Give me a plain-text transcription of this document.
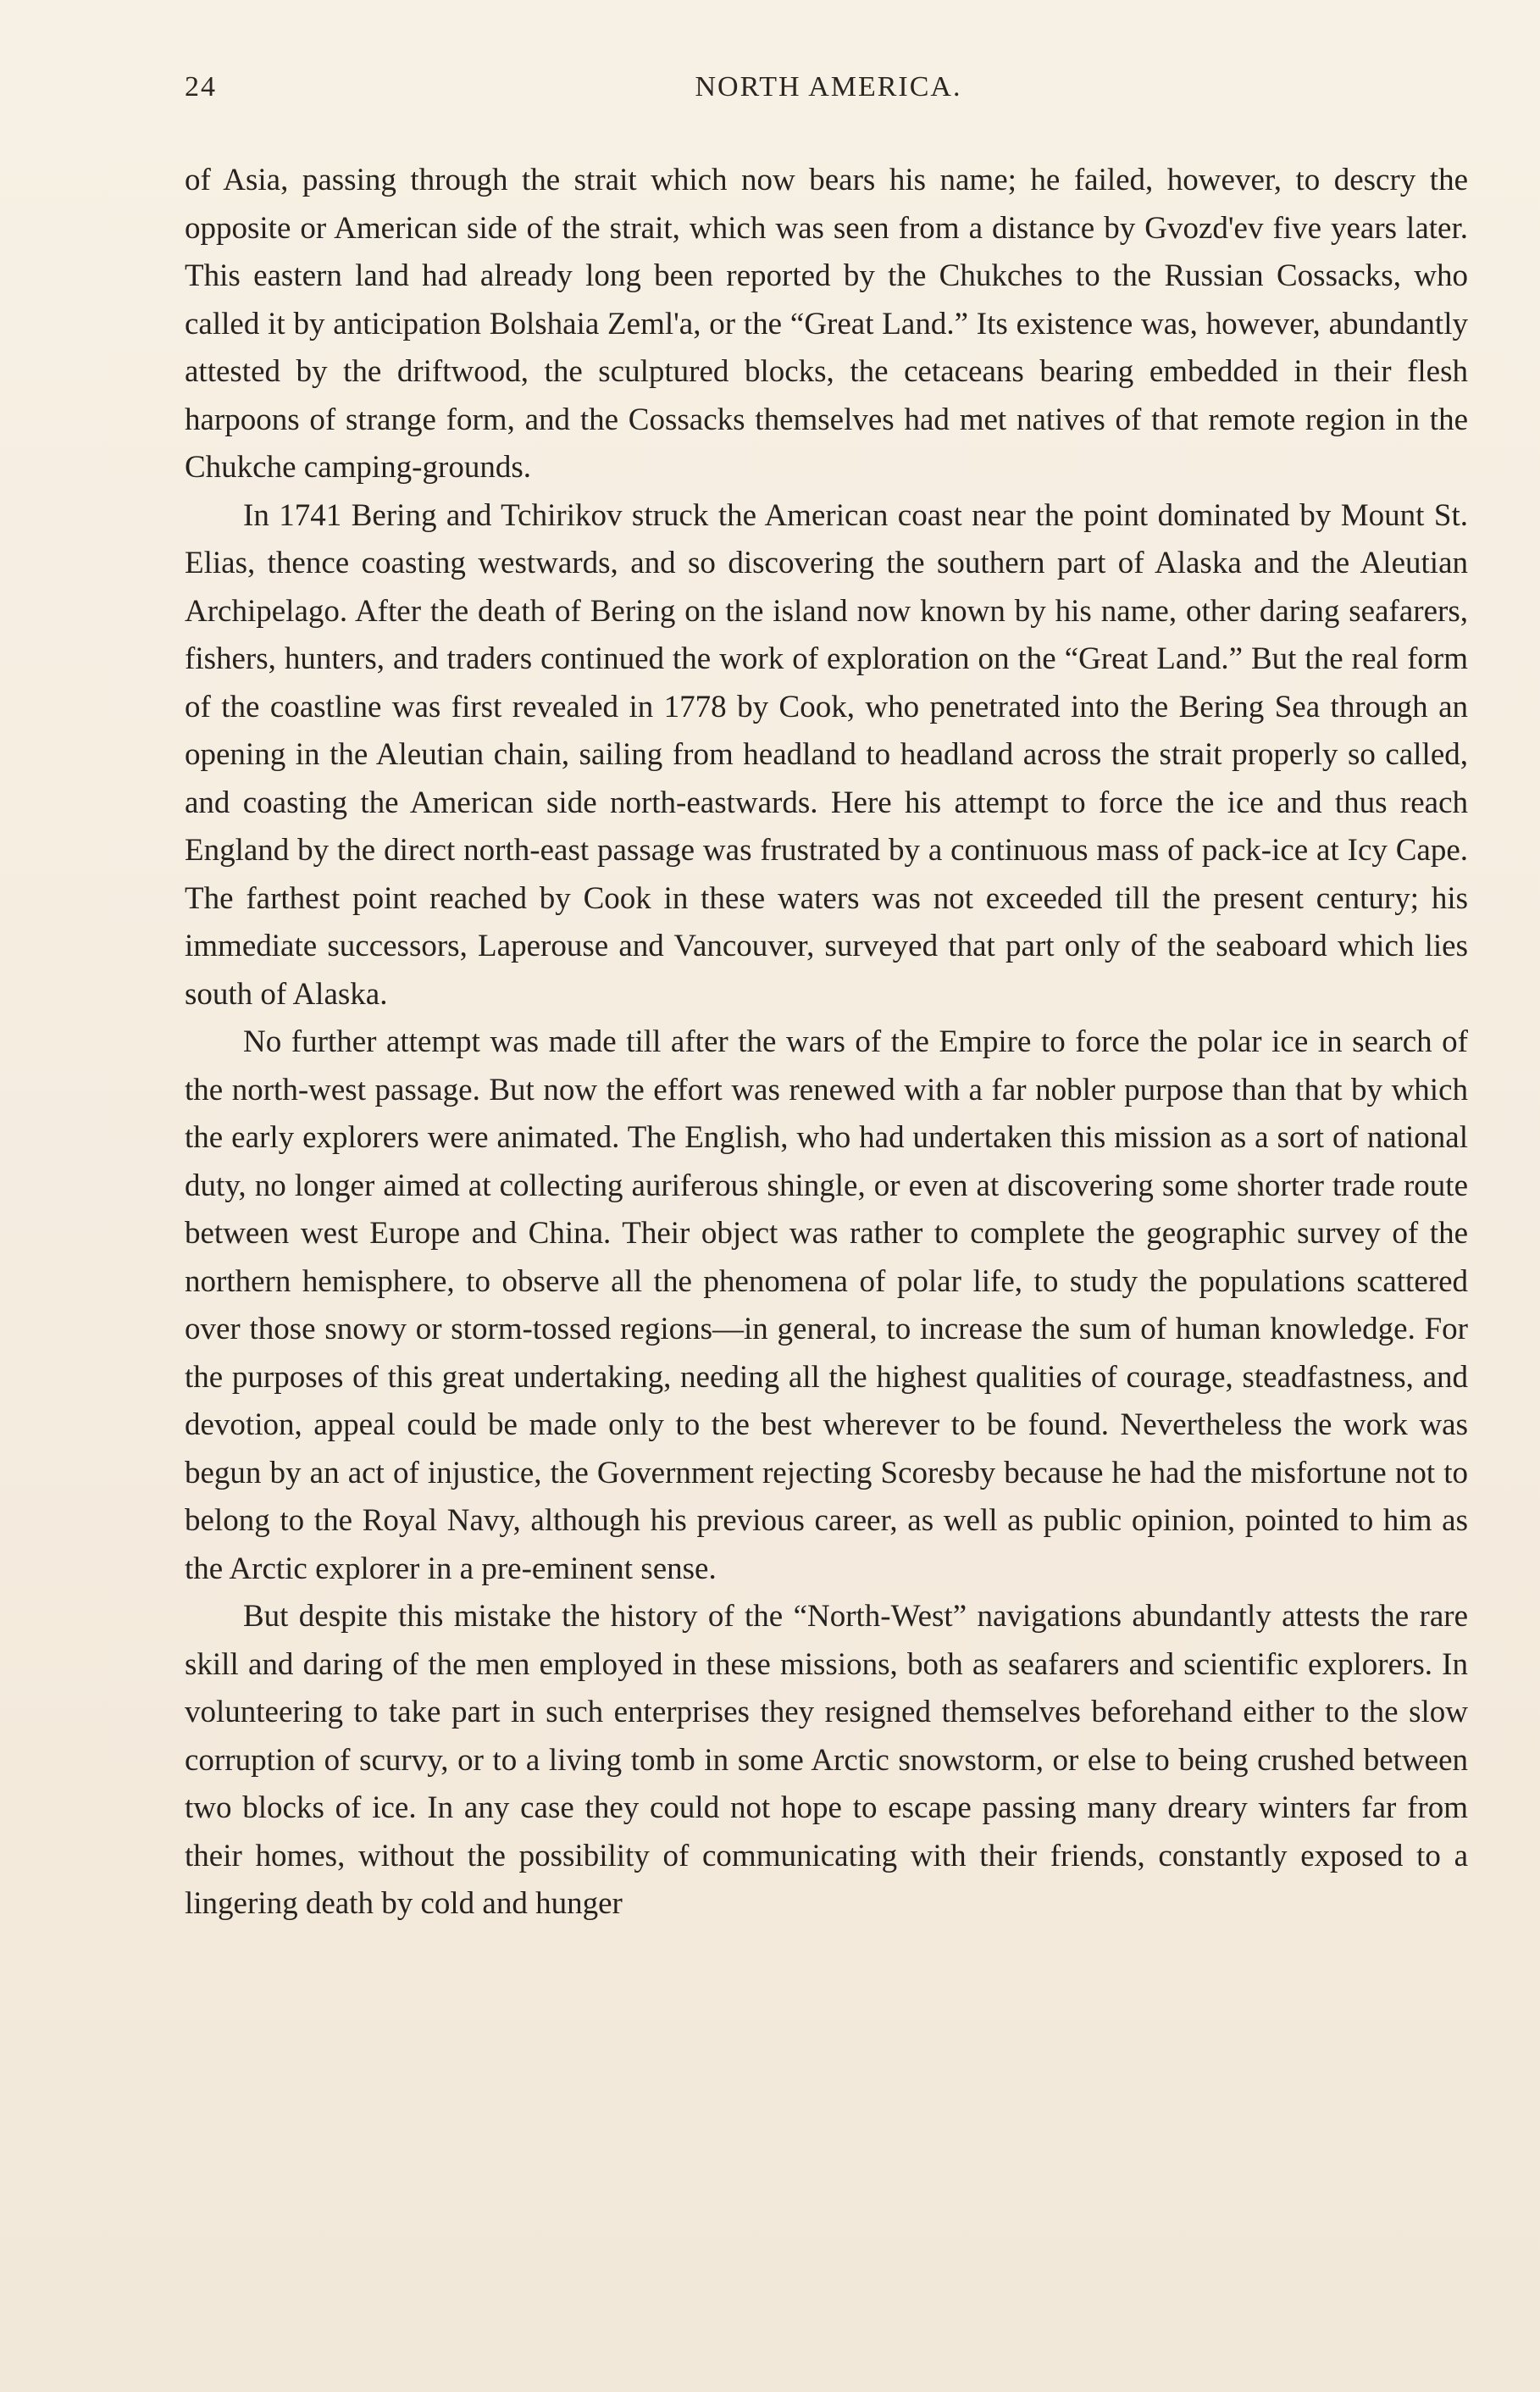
24	NORTH AMERICA.

of Asia, passing through the strait which now bears his name; he failed, however, to descry the opposite or American side of the strait, which was seen from a distance by Gvozd'ev five years later. This eastern land had already long been reported by the Chukches to the Russian Cossacks, who called it by anticipation Bolshaia Zeml'a, or the “Great Land.” Its existence was, however, abundantly attested by the driftwood, the sculptured blocks, the cetaceans bearing embedded in their flesh harpoons of strange form, and the Cossacks themselves had met natives of that remote region in the Chukche camping-grounds.

In 1741 Bering and Tchirikov struck the American coast near the point dominated by Mount St. Elias, thence coasting westwards, and so discovering the southern part of Alaska and the Aleutian Archipelago. After the death of Bering on the island now known by his name, other daring seafarers, fishers, hunters, and traders continued the work of exploration on the “Great Land.” But the real form of the coastline was first revealed in 1778 by Cook, who penetrated into the Bering Sea through an opening in the Aleutian chain, sailing from headland to headland across the strait properly so called, and coasting the American side north-eastwards. Here his attempt to force the ice and thus reach England by the direct north-east passage was frustrated by a continuous mass of pack-ice at Icy Cape. The farthest point reached by Cook in these waters was not exceeded till the present century; his immediate successors, Laperouse and Vancouver, surveyed that part only of the seaboard which lies south of Alaska.

No further attempt was made till after the wars of the Empire to force the polar ice in search of the north-west passage. But now the effort was renewed with a far nobler purpose than that by which the early explorers were animated. The English, who had undertaken this mission as a sort of national duty, no longer aimed at collecting auriferous shingle, or even at discovering some shorter trade route between west Europe and China. Their object was rather to complete the geographic survey of the northern hemisphere, to observe all the phenomena of polar life, to study the populations scattered over those snowy or storm-tossed regions—in general, to increase the sum of human knowledge. For the purposes of this great undertaking, needing all the highest qualities of courage, steadfastness, and devotion, appeal could be made only to the best wherever to be found. Nevertheless the work was begun by an act of injustice, the Government rejecting Scoresby because he had the misfortune not to belong to the Royal Navy, although his previous career, as well as public opinion, pointed to him as the Arctic explorer in a pre-eminent sense.

But despite this mistake the history of the “North-West” navigations abundantly attests the rare skill and daring of the men employed in these missions, both as seafarers and scientific explorers. In volunteering to take part in such enterprises they resigned themselves beforehand either to the slow corruption of scurvy, or to a living tomb in some Arctic snowstorm, or else to being crushed between two blocks of ice. In any case they could not hope to escape passing many dreary winters far from their homes, without the possibility of communicating with their friends, constantly exposed to a lingering death by cold and hunger
